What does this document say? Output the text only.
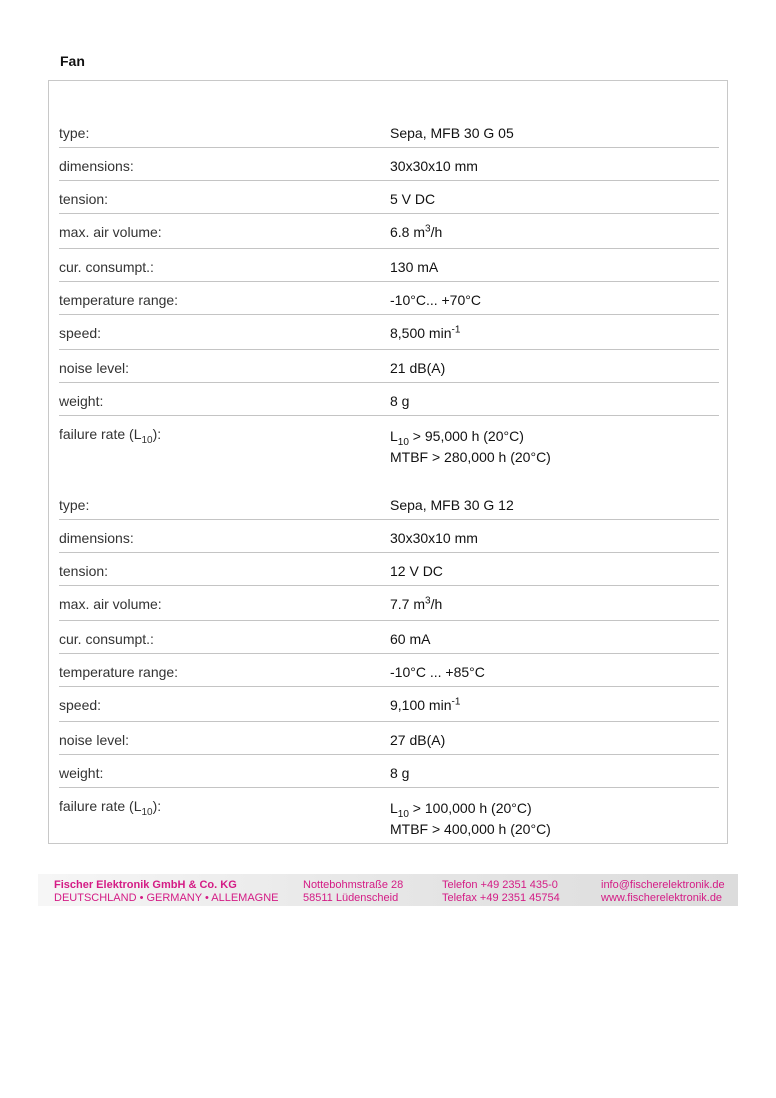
Fan
type:	Sepa, MFB 30 G 05
dimensions:	30x30x10 mm
tension:	5 V DC
max. air volume:	6.8 $m^3/h$
cur. consumpt.:	130 mA
temperature range:	-10°C... +70°C
speed:	8,500 $\min^{-1}$
noise level:	21 dB(A)
weight:	8 g
failure rate $(L_{10})$:	$L_{10} > 95,000$ h (20°C)
MTBF > 280,000 h (20°C)
type:	Sepa, MFB 30 G 12
dimensions:	30x30x10 mm
tension:	12 V DC
max. air volume:	7.7 $m^3/h$
cur. consumpt.:	60 mA
temperature range:	-10°C ... +85°C
speed:	9,100 $\min^{-1}$
noise level:	27 dB(A)
weight:	8 g
failure rate $(L_{10})$:	$L_{10} > 100,000$ h (20°C)
MTBF > 400,000 h (20°C)
Fischer Elektronik GmbH & Co. KG
DEUTSCHLAND • GERMANY • ALLEMAGNE
Nottebohmstraße 28
58511 Lüdenscheid
Telefon +49 2351 435-0
Telefax +49 2351 45754
info@fischerelektronik.de
www.fischerelektronik.de
